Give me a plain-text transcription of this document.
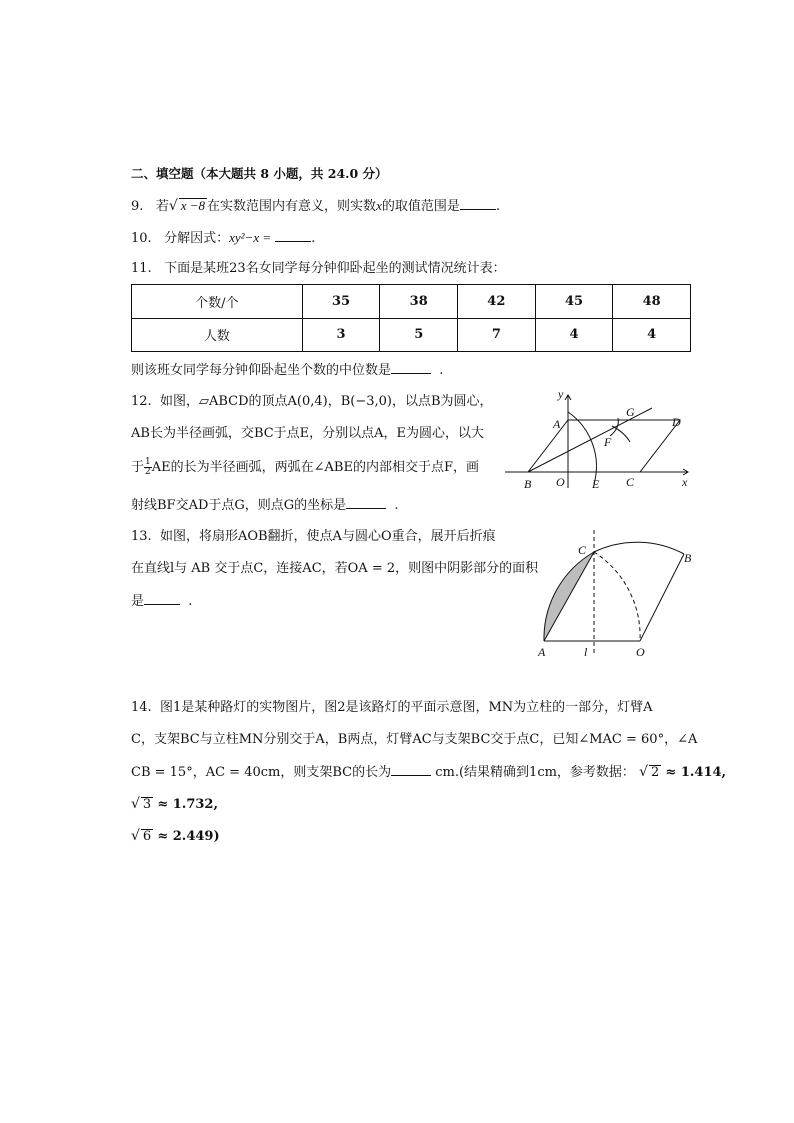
二、填空题（本大题共 8 小题，共 24.0 分）
9. 若√ x −8 在实数范围内有意义，则实数x的取值范围是	.
10. 分解因式：xy²−x =	.
11. 下面是某班23名女同学每分钟仰卧起坐的测试情况统计表：
个数/个	35	38	42	45	48
人数	3	5	7	4	4
则该班女同学每分钟仰卧起坐个数的中位数是	.
12. 如图，▱ABCD的顶点A(0,4)，B(−3,0)，以点B为圆心，
AB长为半径画弧，交BC于点E，分别以点A，E为圆心，以大
于 $\frac{1}{2}$ AE的长为半径画弧，两弧在∠ABE的内部相交于点F，画
射线BF交AD于点G，则点G的坐标是	.
y
x
A
B O E C
D
F
G
13. 如图，将扇形AOB翻折，使点A与圆心O重合，展开后折痕
在直线l与 AB 交于点C，连接AC，若OA = 2，则图中阴影部分的面积
是	.
A
B
C
O
l
14. 图1是某种路灯的实物图片，图2是该路灯的平面示意图，MN为立柱的一部分，灯臂A
C，支架BC与立柱MN分别交于A，B两点，灯臂AC与支架BC交于点C，已知∠MAC = 60°，∠A
CB = 15°，AC = 40cm，则支架BC的长为	cm.(结果精确到1cm，参考数据： √ 2 ≈ 1.414,
√ 3 ≈ 1.732,
√ 6 ≈ 2.449)
